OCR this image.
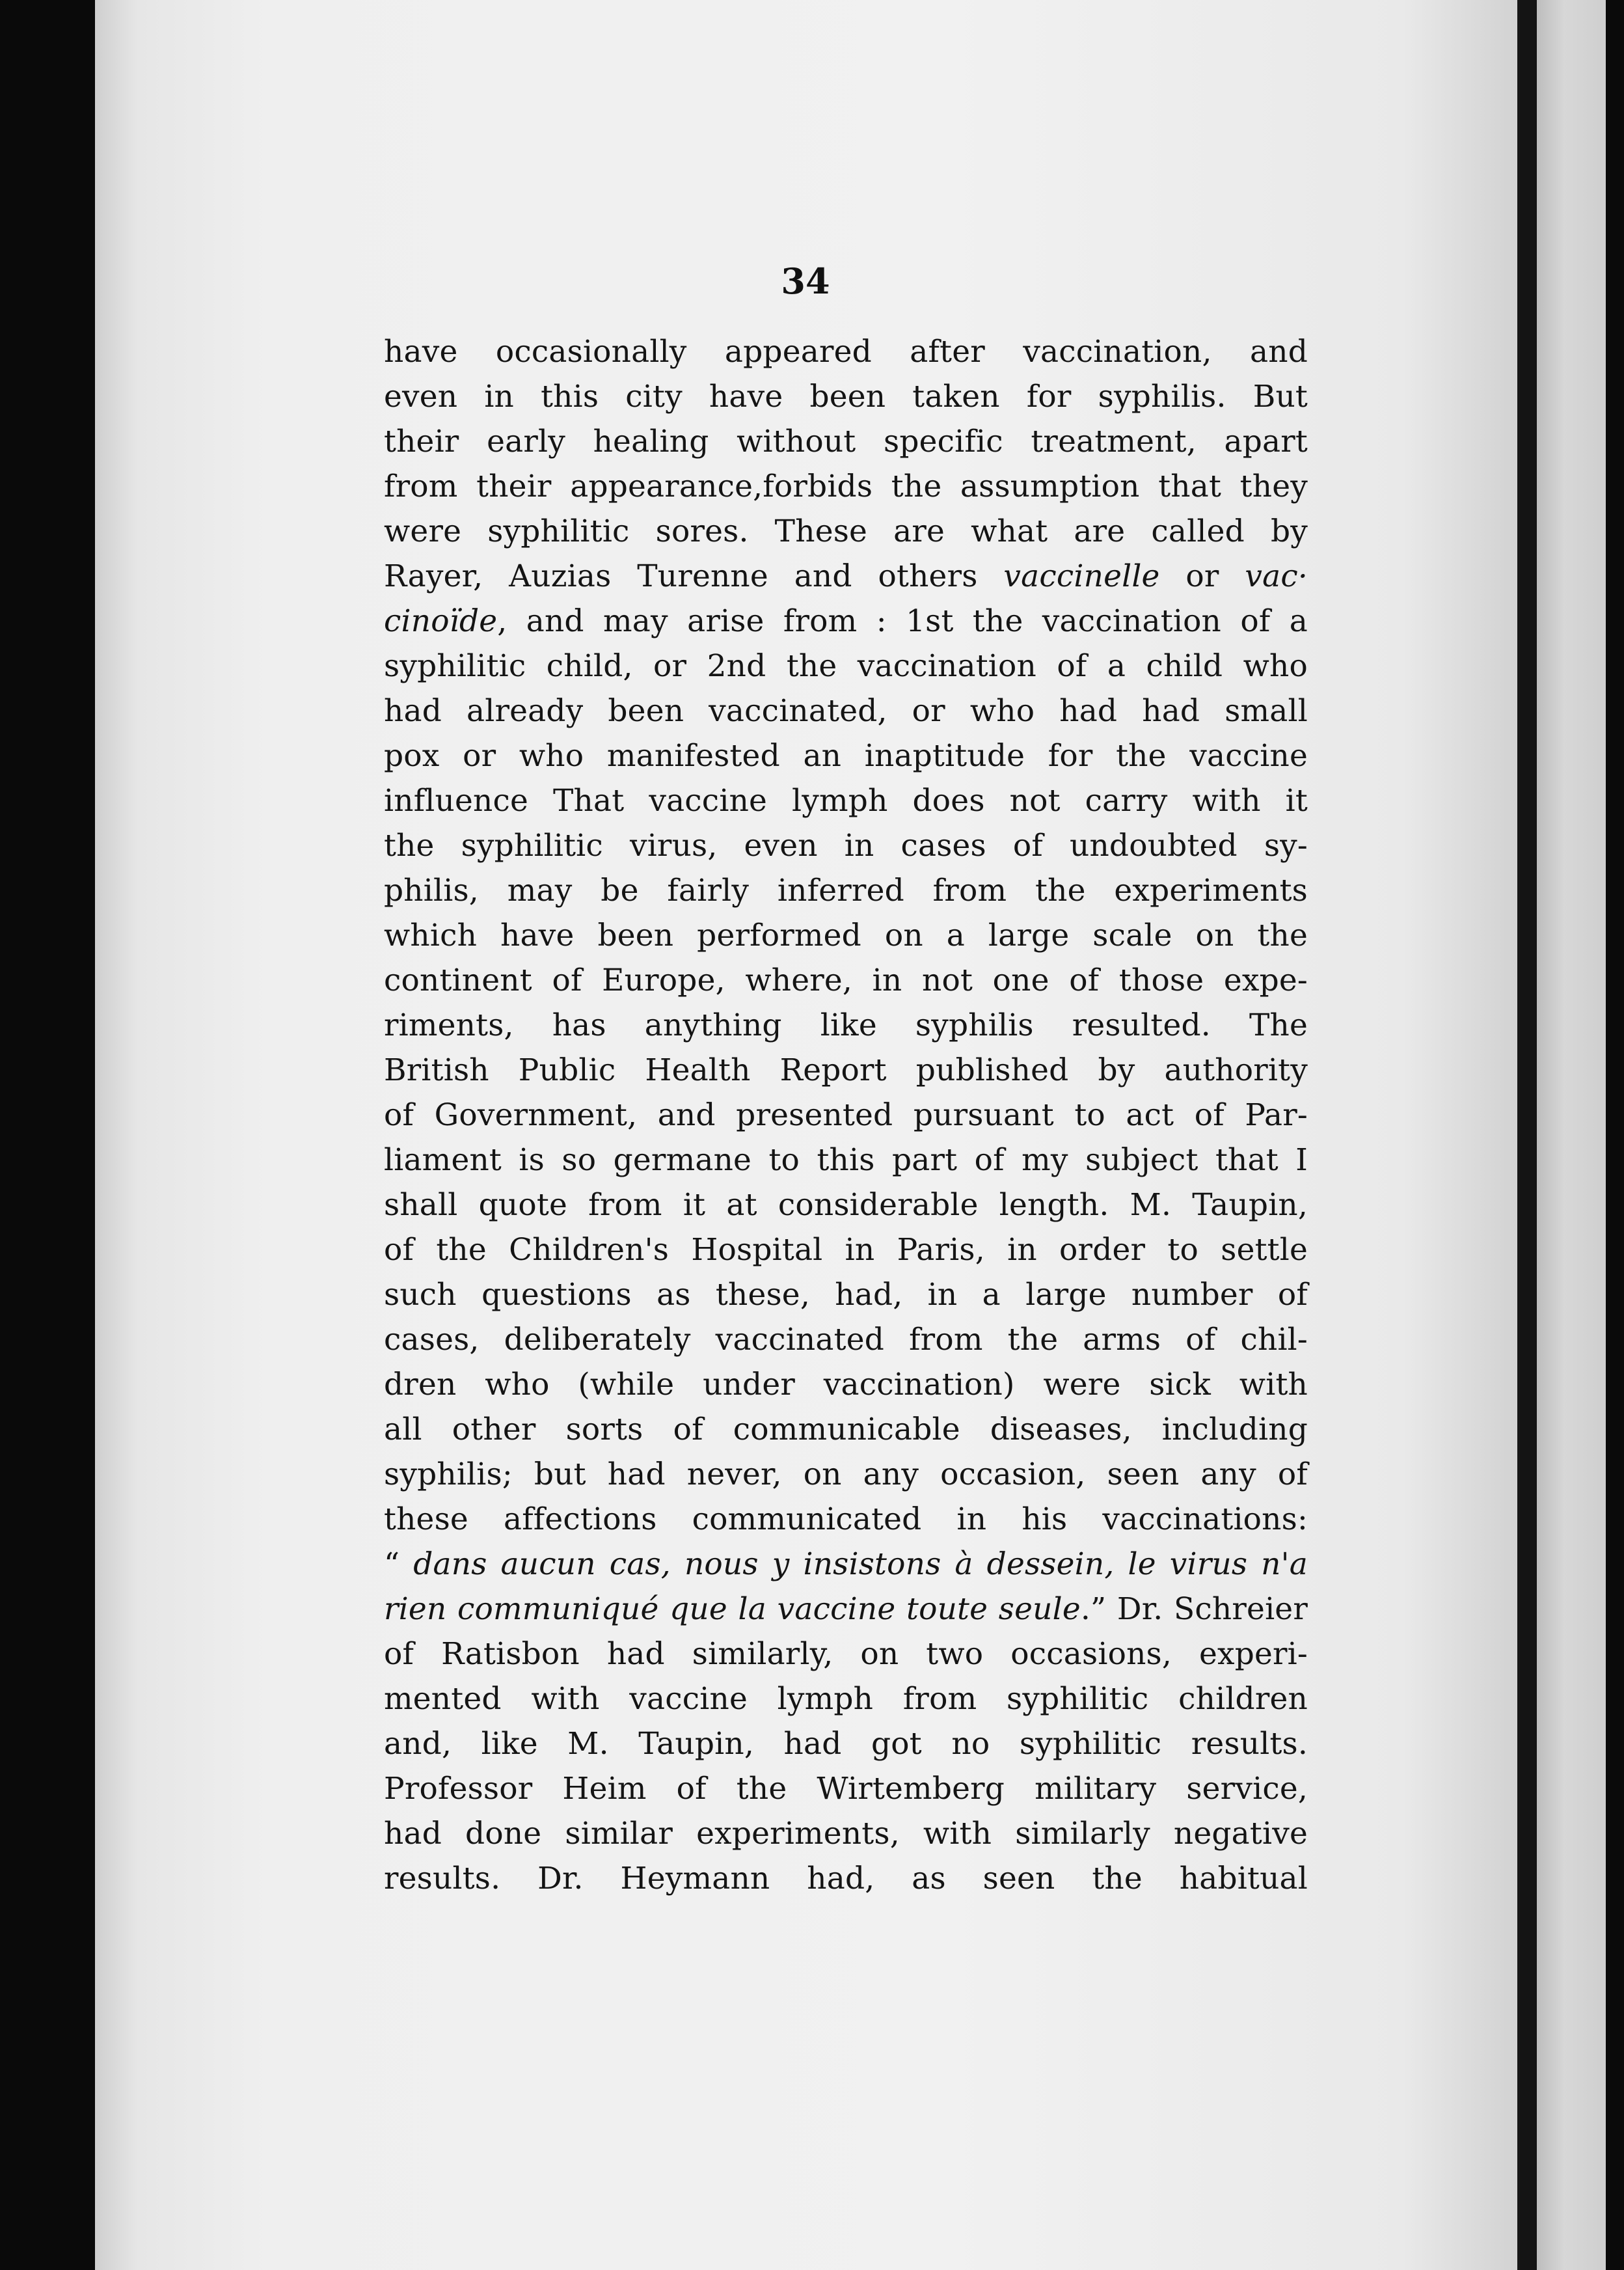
34

have occasionally appeared after vaccination, and
even in this city have been taken for syphilis. But
their early healing without specific treatment, apart
from their appearance,forbids the assumption that they
were syphilitic sores. These are what are called by
Rayer, Auzias Turenne and others vaccinelle or vac·
cinoïde, and may arise from : 1st the vaccination of a
syphilitic child, or 2nd the vaccination of a child who
had already been vaccinated, or who had had small
pox or who manifested an inaptitude for the vaccine
influence That vaccine lymph does not carry with it
the syphilitic virus, even in cases of undoubted sy-
philis, may be fairly inferred from the experiments
which have been performed on a large scale on the
continent of Europe, where, in not one of those expe-
riments, has anything like syphilis resulted. The
British Public Health Report published by authority
of Government, and presented pursuant to act of Par-
liament is so germane to this part of my subject that I
shall quote from it at considerable length. M. Taupin,
of the Children's Hospital in Paris, in order to settle
such questions as these, had, in a large number of
cases, deliberately vaccinated from the arms of chil-
dren who (while under vaccination) were sick with
all other sorts of communicable diseases, including
syphilis; but had never, on any occasion, seen any of
these affections communicated in his vaccinations:
“ dans aucun cas, nous y insistons à dessein, le virus n'a
rien communiqué que la vaccine toute seule.” Dr. Schreier
of Ratisbon had similarly, on two occasions, experi-
mented with vaccine lymph from syphilitic children
and, like M. Taupin, had got no syphilitic results.
Professor Heim of the Wirtemberg military service,
had done similar experiments, with similarly negative
results. Dr. Heymann had, as seen the habitual
